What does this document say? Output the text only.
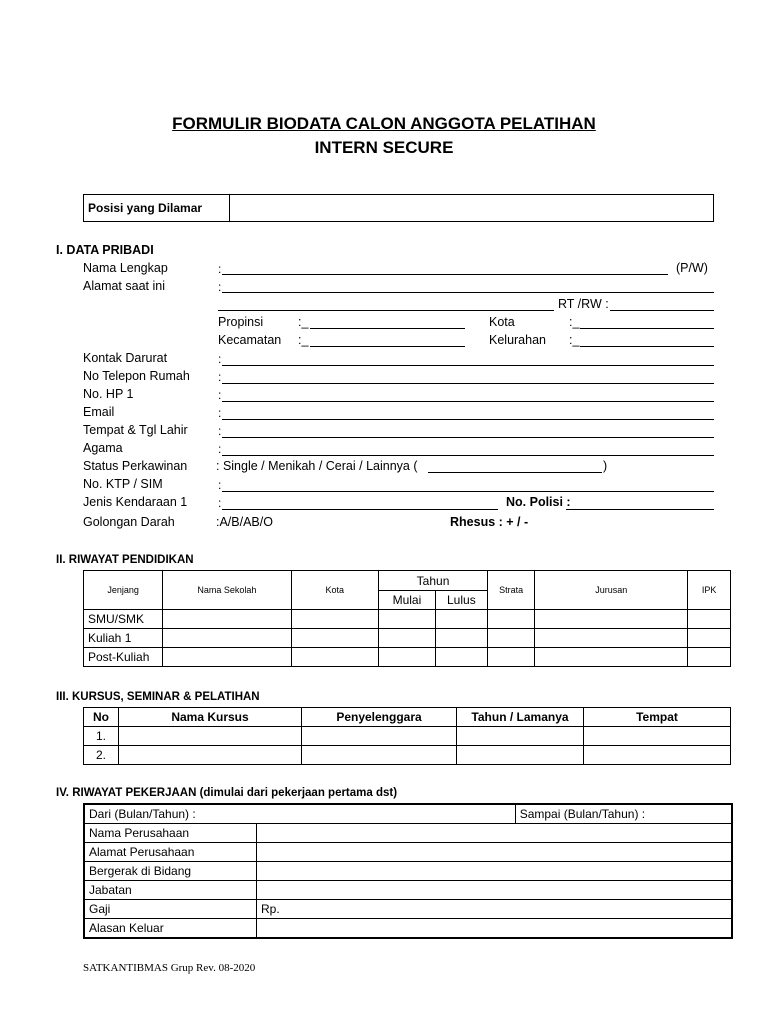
FORMULIR BIODATA CALON ANGGOTA PELATIHAN
INTERN SECURE
Posisi yang Dilamar	
I. DATA PRIBADI
Nama Lengkap	:	(P/W)
Alamat saat ini	:
RT /RW :
Propinsi	:_	Kota	:_
Kecamatan :_	Kelurahan :_
Kontak Darurat	:
No Telepon Rumah :
No. HP 1	:
Email	:
Tempat & Tgl Lahir	:
Agama	:
Status Perkawinan : Single / Menikah / Cerai / Lainnya (	)
No. KTP / SIM	:
Jenis Kendaraan 1	:	No. Polisi :
Golongan Darah	:A/B/AB/O	Rhesus : + / -
II. RIWAYAT PENDIDIKAN
Jenjang	Nama Sekolah	Kota	Tahun		Strata	Jurusan	IPK
			Mulai	Lulus			
SMU/SMK							
Kuliah 1							
Post-Kuliah							
III. KURSUS, SEMINAR & PELATIHAN
No	Nama Kursus	Penyelenggara	Tahun / Lamanya	Tempat
1.				
2.				
IV. RIWAYAT PEKERJAAN (dimulai dari pekerjaan pertama dst)
Dari (Bulan/Tahun) :		Sampai (Bulan/Tahun) :
Nama Perusahaan		
Alamat Perusahaan		
Bergerak di Bidang		
Jabatan		
Gaji	Rp.	
Alasan Keluar		
SATKANTIBMAS Grup Rev. 08-2020
